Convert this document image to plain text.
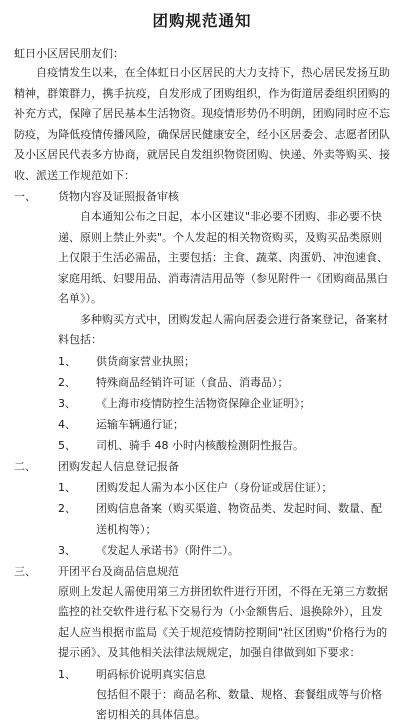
团购规范通知
虹日小区居民朋友们：

自疫情发生以来，在全体虹日小区居民的大力支持下，热心居民发扬互助精神，群策群力，携手抗疫，自发形成了团购组织，作为街道居委组织团购的补充方式，保障了居民基本生活物资。现疫情形势仍不明朗，团购同时应不忘防疫，为降低疫情传播风险，确保居民健康安全，经小区居委会、志愿者团队及小区居民代表多方协商，就居民自发组织物资团购、快递、外卖等购买、接收、派送工作规范如下：

一、	货物内容及证照报备审核
自本通知公布之日起，本小区建议"非必要不团购、非必要不快递、原则上禁止外卖"。个人发起的相关物资购买，及购买品类原则上仅限于生活必需品，主要包括：主食、蔬菜、肉蛋奶、冲泡速食、家庭用纸、妇婴用品、消毒清洁用品等（参见附件一《团购商品黑白名单》）。
多种购买方式中，团购发起人需向居委会进行备案登记，备案材料包括：
1、	供货商家营业执照；
2、	特殊商品经销许可证（食品、消毒品）；
3、	《上海市疫情防控生活物资保障企业证明》；
4、	运输车辆通行证；
5、	司机、骑手 48 小时内核酸检测阴性报告。
二、	团购发起人信息登记报备
1、	团购发起人需为本小区住户（身份证或居住证）；
2、	团购信息备案（购买渠道、物资品类、发起时间、数量、配送机构等）；
3、	《发起人承诺书》（附件二）。
三、	开团平台及商品信息规范
原则上发起人需使用第三方拼团软件进行开团，不得在无第三方数据监控的社交软件进行私下交易行为（小金额售后、退换除外），且发起人应当根据市监局《关于规范疫情防控期间"社区团购"价格行为的提示函》、及其他相关法律法规规定，加强自律做到如下要求：
1、	明码标价说明真实信息
包括但不限于：商品名称、数量、规格、套餐组成等与价格密切相关的具体信息。
